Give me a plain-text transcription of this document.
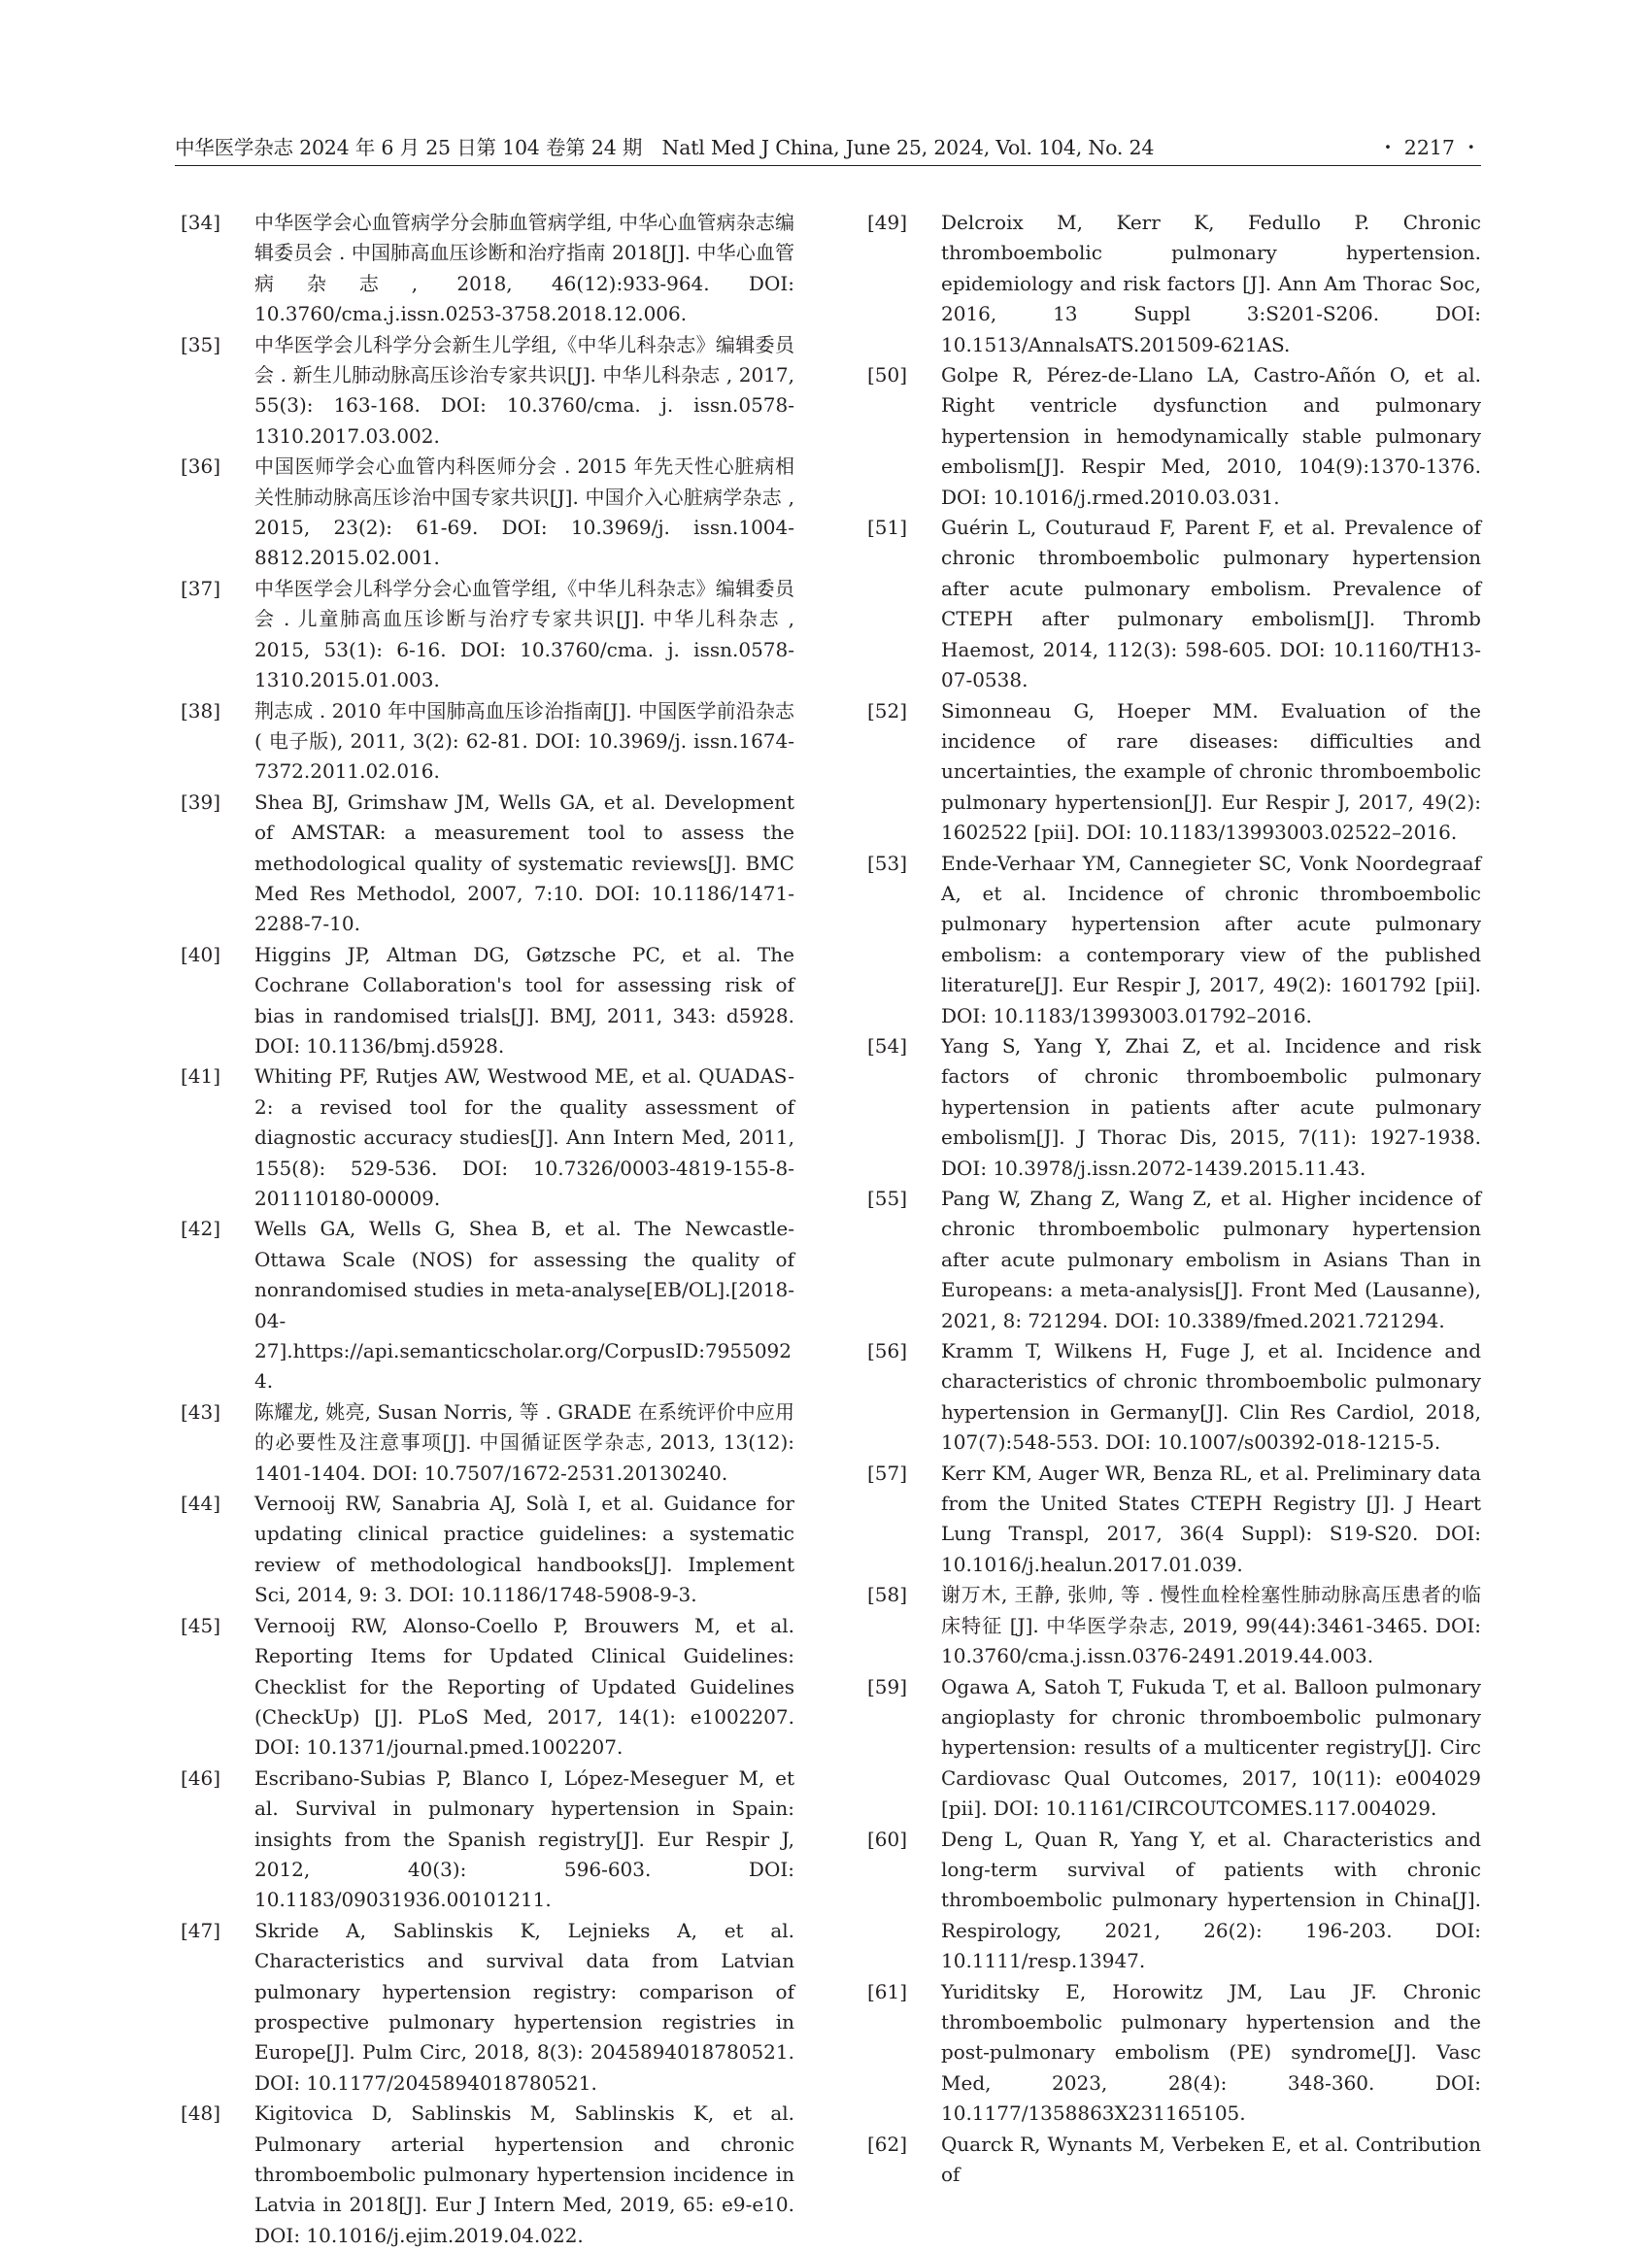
中华医学杂志 2024 年 6 月 25 日第 104 卷第 24 期　Natl Med J China, June 25, 2024, Vol. 104, No. 24	・ 2217 ・
[34]	中华医学会心血管病学分会肺血管病学组, 中华心血管病杂志编辑委员会 . 中国肺高血压诊断和治疗指南 2018[J]. 中华心血管病杂志, 2018, 46(12):933-964. DOI: 10.3760/cma.j.issn.0253-3758.2018.12.006.
[35]	中华医学会儿科学分会新生儿学组,《中华儿科杂志》编辑委员会 . 新生儿肺动脉高压诊治专家共识[J]. 中华儿科杂志 , 2017, 55(3): 163-168. DOI: 10.3760/cma. j. issn.0578-1310.2017.03.002.
[36]	中国医师学会心血管内科医师分会 . 2015 年先天性心脏病相关性肺动脉高压诊治中国专家共识[J]. 中国介入心脏病学杂志 , 2015, 23(2): 61-69. DOI: 10.3969/j. issn.1004-8812.2015.02.001.
[37]	中华医学会儿科学分会心血管学组,《中华儿科杂志》编辑委员会 . 儿童肺高血压诊断与治疗专家共识[J]. 中华儿科杂志 , 2015, 53(1): 6-16. DOI: 10.3760/cma. j. issn.0578-1310.2015.01.003.
[38]	荆志成 . 2010 年中国肺高血压诊治指南[J]. 中国医学前沿杂志 ( 电子版), 2011, 3(2): 62-81. DOI: 10.3969/j. issn.1674-7372.2011.02.016.
[39]	Shea BJ, Grimshaw JM, Wells GA, et al. Development of AMSTAR: a measurement tool to assess the methodological quality of systematic reviews[J]. BMC Med Res Methodol, 2007, 7:10. DOI: 10.1186/1471-2288-7-10.
[40]	Higgins JP, Altman DG, Gøtzsche PC, et al. The Cochrane Collaboration's tool for assessing risk of bias in randomised trials[J]. BMJ, 2011, 343: d5928. DOI: 10.1136/bmj.d5928.
[41]	Whiting PF, Rutjes AW, Westwood ME, et al. QUADAS-2: a revised tool for the quality assessment of diagnostic accuracy studies[J]. Ann Intern Med, 2011, 155(8): 529-536. DOI: 10.7326/0003-4819-155-8-201110180-00009.
[42]	Wells GA, Wells G, Shea B, et al. The Newcastle-Ottawa Scale (NOS) for assessing the quality of nonrandomised studies in meta-analyse[EB/OL].[2018-04-27].https://api.semanticscholar.org/CorpusID:79550924.
[43]	陈耀龙, 姚亮, Susan Norris, 等 . GRADE 在系统评价中应用的必要性及注意事项[J]. 中国循证医学杂志, 2013, 13(12): 1401-1404. DOI: 10.7507/1672-2531.20130240.
[44]	Vernooij RW, Sanabria AJ, Solà I, et al. Guidance for updating clinical practice guidelines: a systematic review of methodological handbooks[J]. Implement Sci, 2014, 9: 3. DOI: 10.1186/1748-5908-9-3.
[45]	Vernooij RW, Alonso-Coello P, Brouwers M, et al. Reporting Items for Updated Clinical Guidelines: Checklist for the Reporting of Updated Guidelines (CheckUp) [J]. PLoS Med, 2017, 14(1): e1002207. DOI: 10.1371/journal.pmed.1002207.
[46]	Escribano-Subias P, Blanco I, López-Meseguer M, et al. Survival in pulmonary hypertension in Spain: insights from the Spanish registry[J]. Eur Respir J, 2012, 40(3): 596-603. DOI: 10.1183/09031936.00101211.
[47]	Skride A, Sablinskis K, Lejnieks A, et al. Characteristics and survival data from Latvian pulmonary hypertension registry: comparison of prospective pulmonary hypertension registries in Europe[J]. Pulm Circ, 2018, 8(3): 2045894018780521. DOI: 10.1177/2045894018780521.
[48]	Kigitovica D, Sablinskis M, Sablinskis K, et al. Pulmonary arterial hypertension and chronic thromboembolic pulmonary hypertension incidence in Latvia in 2018[J]. Eur J Intern Med, 2019, 65: e9-e10. DOI: 10.1016/j.ejim.2019.04.022.
[49]	Delcroix M, Kerr K, Fedullo P. Chronic thromboembolic pulmonary hypertension. epidemiology and risk factors [J]. Ann Am Thorac Soc, 2016, 13 Suppl 3:S201-S206. DOI: 10.1513/AnnalsATS.201509-621AS.
[50]	Golpe R, Pérez-de-Llano LA, Castro-Añón O, et al. Right ventricle dysfunction and pulmonary hypertension in hemodynamically stable pulmonary embolism[J]. Respir Med, 2010, 104(9):1370-1376. DOI: 10.1016/j.rmed.2010.03.031.
[51]	Guérin L, Couturaud F, Parent F, et al. Prevalence of chronic thromboembolic pulmonary hypertension after acute pulmonary embolism. Prevalence of CTEPH after pulmonary embolism[J]. Thromb Haemost, 2014, 112(3): 598-605. DOI: 10.1160/TH13-07-0538.
[52]	Simonneau G, Hoeper MM. Evaluation of the incidence of rare diseases: difficulties and uncertainties, the example of chronic thromboembolic pulmonary hypertension[J]. Eur Respir J, 2017, 49(2): 1602522 [pii]. DOI: 10.1183/13993003.02522–2016.
[53]	Ende-Verhaar YM, Cannegieter SC, Vonk Noordegraaf A, et al. Incidence of chronic thromboembolic pulmonary hypertension after acute pulmonary embolism: a contemporary view of the published literature[J]. Eur Respir J, 2017, 49(2): 1601792 [pii]. DOI: 10.1183/13993003.01792–2016.
[54]	Yang S, Yang Y, Zhai Z, et al. Incidence and risk factors of chronic thromboembolic pulmonary hypertension in patients after acute pulmonary embolism[J]. J Thorac Dis, 2015, 7(11): 1927-1938. DOI: 10.3978/j.issn.2072-1439.2015.11.43.
[55]	Pang W, Zhang Z, Wang Z, et al. Higher incidence of chronic thromboembolic pulmonary hypertension after acute pulmonary embolism in Asians Than in Europeans: a meta-analysis[J]. Front Med (Lausanne), 2021, 8: 721294. DOI: 10.3389/fmed.2021.721294.
[56]	Kramm T, Wilkens H, Fuge J, et al. Incidence and characteristics of chronic thromboembolic pulmonary hypertension in Germany[J]. Clin Res Cardiol, 2018, 107(7):548-553. DOI: 10.1007/s00392-018-1215-5.
[57]	Kerr KM, Auger WR, Benza RL, et al. Preliminary data from the United States CTEPH Registry [J]. J Heart Lung Transpl, 2017, 36(4 Suppl): S19-S20. DOI: 10.1016/j.healun.2017.01.039.
[58]	谢万木, 王静, 张帅, 等 . 慢性血栓栓塞性肺动脉高压患者的临床特征 [J]. 中华医学杂志, 2019, 99(44):3461-3465. DOI: 10.3760/cma.j.issn.0376-2491.2019.44.003.
[59]	Ogawa A, Satoh T, Fukuda T, et al. Balloon pulmonary angioplasty for chronic thromboembolic pulmonary hypertension: results of a multicenter registry[J]. Circ Cardiovasc Qual Outcomes, 2017, 10(11): e004029 [pii]. DOI: 10.1161/CIRCOUTCOMES.117.004029.
[60]	Deng L, Quan R, Yang Y, et al. Characteristics and long-term survival of patients with chronic thromboembolic pulmonary hypertension in China[J]. Respirology, 2021, 26(2): 196-203. DOI: 10.1111/resp.13947.
[61]	Yuriditsky E, Horowitz JM, Lau JF. Chronic thromboembolic pulmonary hypertension and the post-pulmonary embolism (PE) syndrome[J]. Vasc Med, 2023, 28(4): 348-360. DOI: 10.1177/1358863X231165105.
[62]	Quarck R, Wynants M, Verbeken E, et al. Contribution of
